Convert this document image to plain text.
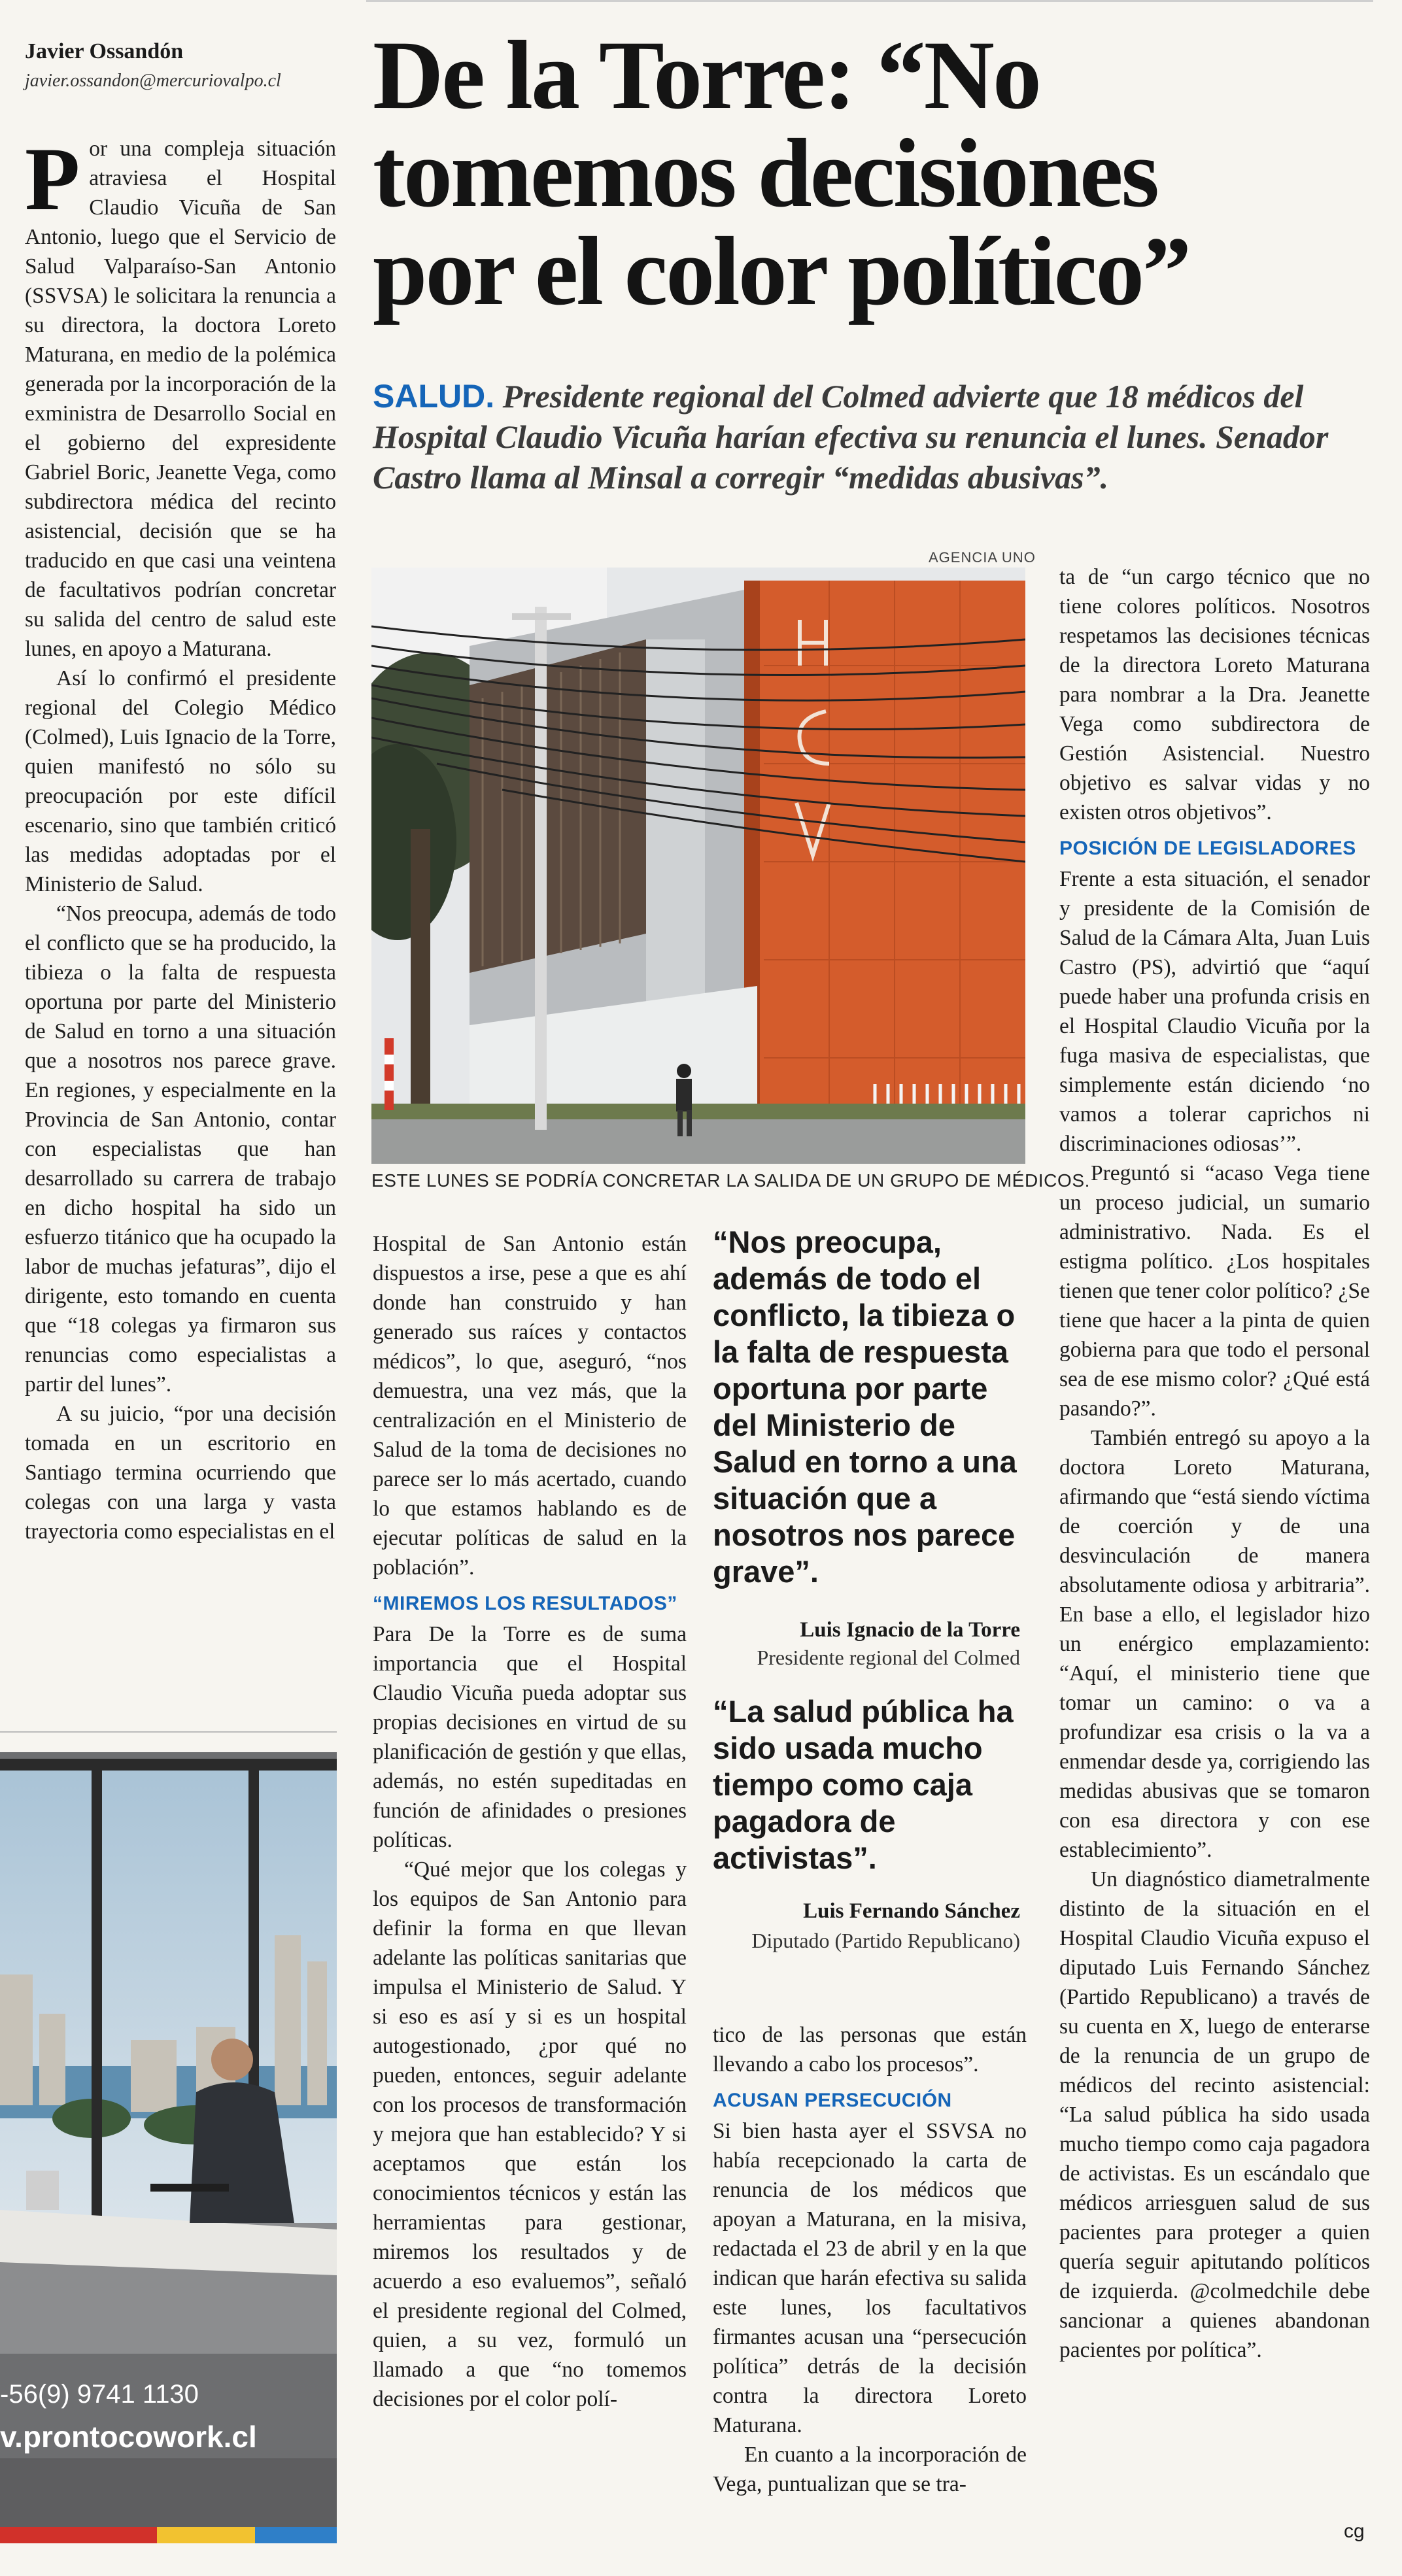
Javier Ossandón
javier.ossandon@mercuriovalpo.cl De la Torre: “No
tomemos decisiones
por el color político”
SALUD. Presidente regional del Colmed advierte que 18 médicos del Hospital Claudio Vicuña harían efectiva su renuncia el lunes. Senador Castro llama al Minsal a corregir “medidas abusivas”.
P or una compleja situación atraviesa el Hospital Claudio Vicuña de San Antonio, luego que el Servicio de Salud Valparaíso-San Antonio (SSVSA) le solicitara la renuncia a su directora, la doctora Loreto Maturana, en medio de la polémica generada por la incorporación de la exministra de Desarrollo Social en el gobierno del expresidente Gabriel Boric, Jeanette Vega, como subdirectora médica del recinto asistencial, decisión que se ha traducido en que casi una veintena de facultativos podrían concretar su salida del centro de salud este lunes, en apoyo a Maturana.

Así lo confirmó el presidente regional del Colegio Médico (Colmed), Luis Ignacio de la Torre, quien manifestó no sólo su preocupación por este difícil escenario, sino que también criticó las medidas adoptadas por el Ministerio de Salud.

“Nos preocupa, además de todo el conflicto que se ha producido, la tibieza o la falta de respuesta oportuna por parte del Ministerio de Salud en torno a una situación que a nosotros nos parece grave. En regiones, y especialmente en la Provincia de San Antonio, contar con especialistas que han desarrollado su carrera de trabajo en dicho hospital ha sido un esfuerzo titánico que ha ocupado la labor de muchas jefaturas”, dijo el dirigente, esto tomando en cuenta que “18 colegas ya firmaron sus renuncias como especialistas a partir del lunes”.

A su juicio, “por una decisión tomada en un escritorio en Santiago termina ocurriendo que colegas con una larga y vasta trayectoria como especialistas en el

AGENCIA UNO
ESTE LUNES SE PODRÍA CONCRETAR LA SALIDA DE UN GRUPO DE MÉDICOS.

Hospital de San Antonio están dispuestos a irse, pese a que es ahí donde han construido y han generado sus raíces y contactos médicos”, lo que, aseguró, “nos demuestra, una vez más, que la centralización en el Ministerio de Salud de la toma de decisiones no parece ser lo más acertado, cuando lo que estamos hablando es de ejecutar políticas de salud en la población”.

“MIREMOS LOS RESULTADOS”

Para De la Torre es de suma importancia que el Hospital Claudio Vicuña pueda adoptar sus propias decisiones en virtud de su planificación de gestión y que ellas, además, no estén supeditadas en función de afinidades o presiones políticas.

“Qué mejor que los colegas y los equipos de San Antonio para definir la forma en que llevan adelante las políticas sanitarias que impulsa el Ministerio de Salud. Y si eso es así y si es un hospital autogestionado, ¿por qué no pueden, entonces, seguir adelante con los procesos de transformación y mejora que han establecido? Y si aceptamos que están los conocimientos técnicos y están las herramientas para gestionar, miremos los resultados y de acuerdo a eso evaluemos”, señaló el presidente regional del Colmed, quien, a su vez, formuló un llamado a que “no tomemos decisiones por el color polí-

“Nos preocupa, además de todo el conflicto, la tibieza o la falta de respuesta oportuna por parte del Ministerio de Salud en torno a una situación que a nosotros nos parece grave”.
Luis Ignacio de la Torre
Presidente regional del Colmed
“La salud pública ha sido usada mucho tiempo como caja pagadora de activistas”.
Luis Fernando Sánchez
Diputado (Partido Republicano)

tico de las personas que están llevando a cabo los procesos”.

ACUSAN PERSECUCIÓN

Si bien hasta ayer el SSVSA no había recepcionado la carta de renuncia de los médicos que apoyan a Maturana, en la misiva, redactada el 23 de abril y en la que indican que harán efectiva su salida este lunes, los facultativos firmantes acusan una “persecución política” detrás de la decisión contra la directora Loreto Maturana.

En cuanto a la incorporación de Vega, puntualizan que se tra-

ta de “un cargo técnico que no tiene colores políticos. Nosotros respetamos las decisiones técnicas de la directora Loreto Maturana para nombrar a la Dra. Jeanette Vega como subdirectora de Gestión Asistencial. Nuestro objetivo es salvar vidas y no existen otros objetivos”.

POSICIÓN DE LEGISLADORES

Frente a esta situación, el senador y presidente de la Comisión de Salud de la Cámara Alta, Juan Luis Castro (PS), advirtió que “aquí puede haber una profunda crisis en el Hospital Claudio Vicuña por la fuga masiva de especialistas, que simplemente están diciendo ‘no vamos a tolerar caprichos ni discriminaciones odiosas’”.

Preguntó si “acaso Vega tiene un proceso judicial, un sumario administrativo. Nada. Es el estigma político. ¿Los hospitales tienen que tener color político? ¿Se tiene que hacer a la pinta de quien gobierna para que todo el personal sea de ese mismo color? ¿Qué está pasando?”.

También entregó su apoyo a la doctora Loreto Maturana, afirmando que “está siendo víctima de coerción y de una desvinculación de manera absolutamente odiosa y arbitraria”. En base a ello, el legislador hizo un enérgico emplazamiento: “Aquí, el ministerio tiene que tomar un camino: o va a profundizar esa crisis o la va a enmendar desde ya, corrigiendo las medidas abusivas que se tomaron con esa directora y con ese establecimiento”.

Un diagnóstico diametralmente distinto de la situación en el Hospital Claudio Vicuña expuso el diputado Luis Fernando Sánchez (Partido Republicano) a través de su cuenta en X, luego de enterarse de la renuncia de un grupo de médicos del recinto asistencial: “La salud pública ha sido usada mucho tiempo como caja pagadora de activistas. Es un escándalo que médicos arriesguen salud de sus pacientes para proteger a quien quería seguir apitutando políticos de izquierda. @colmedchile debe sancionar a quienes abandonan pacientes por política”.

-56(9) 9741 1130
v.prontocowork.cl
cg
